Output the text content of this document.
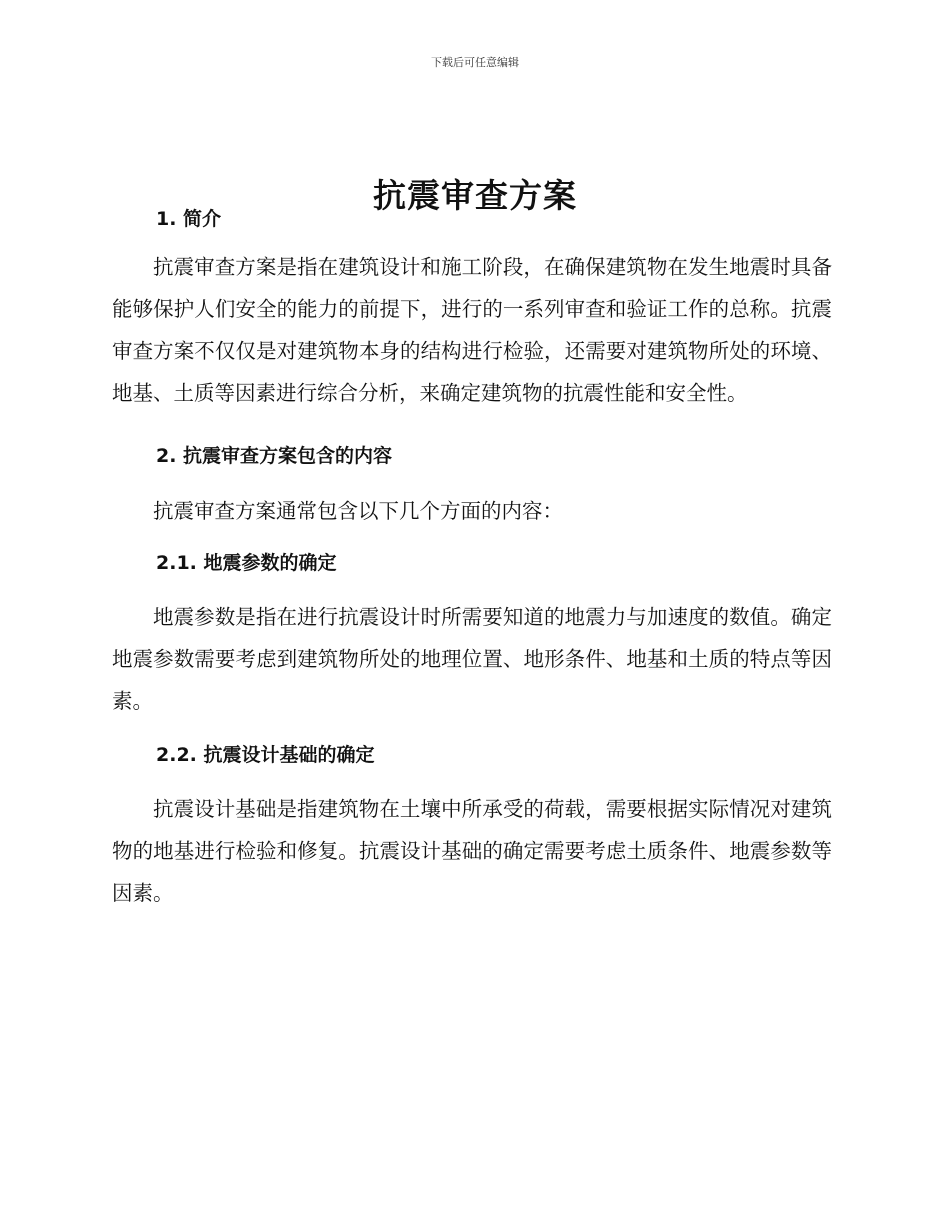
下载后可任意编辑
抗震审查方案
1. 简介

抗震审查方案是指在建筑设计和施工阶段，在确保建筑物在发生地震时具备能够保护人们安全的能力的前提下，进行的一系列审查和验证工作的总称。抗震审查方案不仅仅是对建筑物本身的结构进行检验，还需要对建筑物所处的环境、地基、土质等因素进行综合分析，来确定建筑物的抗震性能和安全性。

2. 抗震审查方案包含的内容

抗震审查方案通常包含以下几个方面的内容：

2.1. 地震参数的确定

地震参数是指在进行抗震设计时所需要知道的地震力与加速度的数值。确定地震参数需要考虑到建筑物所处的地理位置、地形条件、地基和土质的特点等因素。

2.2. 抗震设计基础的确定

抗震设计基础是指建筑物在土壤中所承受的荷载，需要根据实际情况对建筑物的地基进行检验和修复。抗震设计基础的确定需要考虑土质条件、地震参数等因素。
